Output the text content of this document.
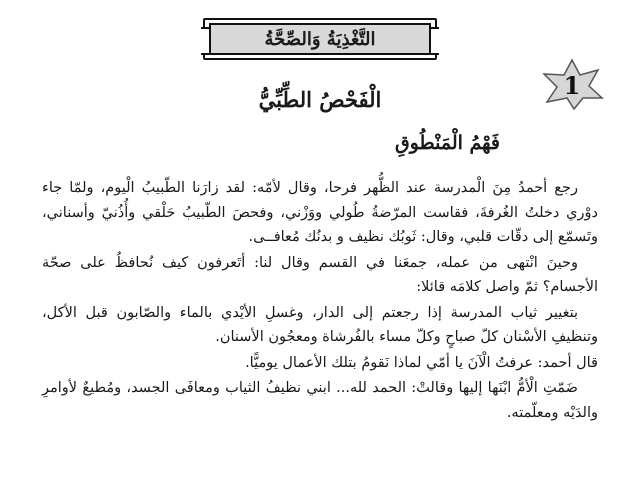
التَّغْذِيَةُ وَالصِّحَّةُ
1
الْفَحْصُ الطِّبِّيُّ
فَهْمُ الْمَنْطُوقِ

رجع أحمدُ مِنَ الْمدرسة عند الظُّهر فرحا، وقال لأمّه: لقد زارَنا الطّبيبُ الْيوم، ولمّا جاء دوْري دخلتُ الغُرفةَ، فقاست المرّضةُ طُولي ووَزْني، وفحصَ الطّبيبُ حَلْقي وأُذُنيّ وأسناني، وتَسمّع إلى دقّات قلبي، وقال: ثَوبُك نظيف و بدنُك مُعافــى.

وحينَ انْتهى من عمله، جمعَنا في القسم وقال لنا: أتَعرفون كيف نُحافظُ على صحّة الأجسام؟ ثمّ واصل كلامَه قائلا:

بتغيير ثياب المدرسة إذا رجعتم إلى الدار، وغسلِ الأيْدي بالماء والصّابون قبل الأكل، وتنظيفِ الأسْنان كلّ صباحٍ وكلّ مساء بالفُرشاة ومعجُون الأسنان.

قال أحمد: عرفتُ الْآنَ يا أمّي لماذا نَقومُ بتلك الأعمال يوميًّا.

ضَمّتِ الْأمُّ ابْنَها إليها وقالتْ: الحمد لله... ابني نظيفُ الثياب ومعافَى الجسد، ومُطيعٌ لأوامرِ والدَيْه ومعلّمته.
